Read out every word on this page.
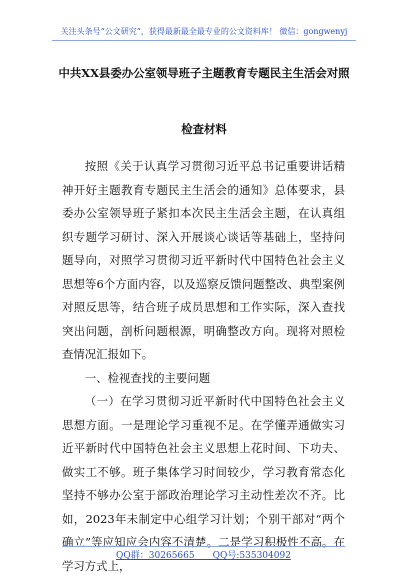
关注头条号“公文研究”，获得最新最全最专业的公文资料库！ 微信：gongwenyj
中共XX县委办公室领导班子主题教育专题民主生活会对照
检查材料

按照《关于认真学习贯彻习近平总书记重要讲话精神开好主题教育专题民主生活会的通知》总体要求，县委办公室领导班子紧扣本次民主生活会主题，在认真组织专题学习研讨、深入开展谈心谈话等基础上，坚持问题导向，对照学习贯彻习近平新时代中国特色社会主义思想等6个方面内容，以及巡察反馈问题整改、典型案例对照反思等，结合班子成员思想和工作实际，深入查找突出问题，剖析问题根源，明确整改方向。现将对照检查情况汇报如下。

一、检视查找的主要问题

（一）在学习贯彻习近平新时代中国特色社会主义思想方面。一是理论学习重视不足。在学懂弄通做实习近平新时代中国特色社会主义思想上花时间、下功夫、做实工不够。班子集体学习时间较少，学习教育常态化坚持不够办公室于部政治理论学习主动性差次不齐。比如，2023年未制定中心组学习计划；个别干部对“两个确立”等应知应会内容不清楚。二是学习积极性不高。在学习方式上，

QQ群：30265665　　QQ号:535304092
